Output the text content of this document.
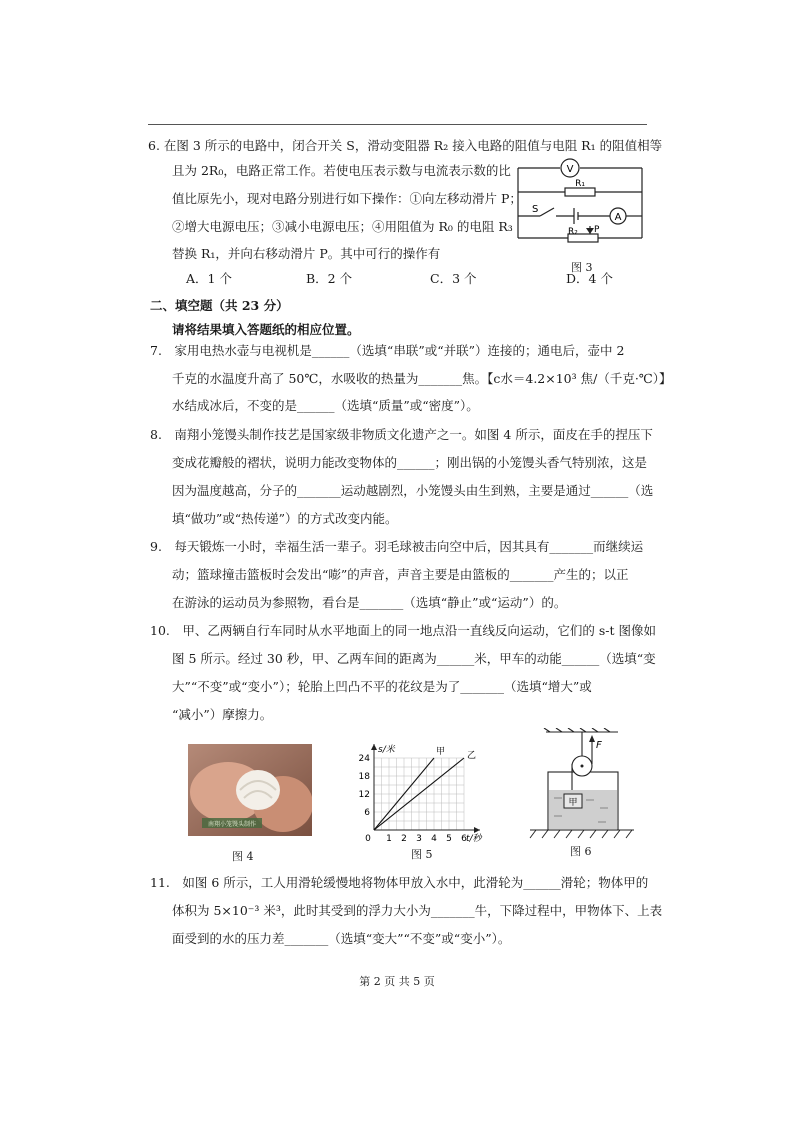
6. 在图 3 所示的电路中，闭合开关 S，滑动变阻器 R₂ 接入电路的阻值与电阻 R₁ 的阻值相等
且为 2R₀，电路正常工作。若使电压表示数与电流表示数的比
值比原先小，现对电路分别进行如下操作：①向左移动滑片 P；
②增大电源电压；③减小电源电压；④用阻值为 R₀ 的电阻 R₃
替换 R₁，并向右移动滑片 P。其中可行的操作有
V
A
R₁
S
R₂ P
图 3
A．1 个	B．2 个	C．3 个	D．4 个
二、填空题（共 23 分）
请将结果填入答题纸的相应位置。
7.　家用电热水壶与电视机是______（选填“串联”或“并联”）连接的；通电后，壶中 2
千克的水温度升高了 50℃，水吸收的热量为_______焦。【c水＝4.2×10³ 焦/（千克·℃）】
水结成冰后，不变的是______（选填“质量”或“密度”）。
8.　南翔小笼馒头制作技艺是国家级非物质文化遗产之一。如图 4 所示，面皮在手的捏压下
变成花瓣般的褶状，说明力能改变物体的______；刚出锅的小笼馒头香气特别浓，这是
因为温度越高，分子的_______运动越剧烈，小笼馒头由生到熟，主要是通过______（选
填“做功”或“热传递”）的方式改变内能。
9.　每天锻炼一小时，幸福生活一辈子。羽毛球被击向空中后，因其具有_______而继续运
动；篮球撞击篮板时会发出“嘭”的声音，声音主要是由篮板的_______产生的；以正
在游泳的运动员为参照物，看台是_______（选填“静止”或“运动”）的。
10.　甲、乙两辆自行车同时从水平地面上的同一地点沿一直线反向运动，它们的 s-t 图像如
图 5 所示。经过 30 秒，甲、乙两车间的距离为______米，甲车的动能______（选填“变
大”“不变”或“变小”）；轮胎上凹凸不平的花纹是为了_______（选填“增大”或
“减小”）摩擦力。
南翔小笼馒头制作
图 4
6
12
18
24
1 2 3 4 5 6
0
s/米
t/秒
甲 乙
图 5
F
甲
图 6
11.　如图 6 所示，工人用滑轮缓慢地将物体甲放入水中，此滑轮为______滑轮；物体甲的
体积为 5×10⁻³ 米³，此时其受到的浮力大小为_______牛，下降过程中，甲物体下、上表
面受到的水的压力差_______（选填“变大”“不变”或“变小”）。
第 2 页 共 5 页
